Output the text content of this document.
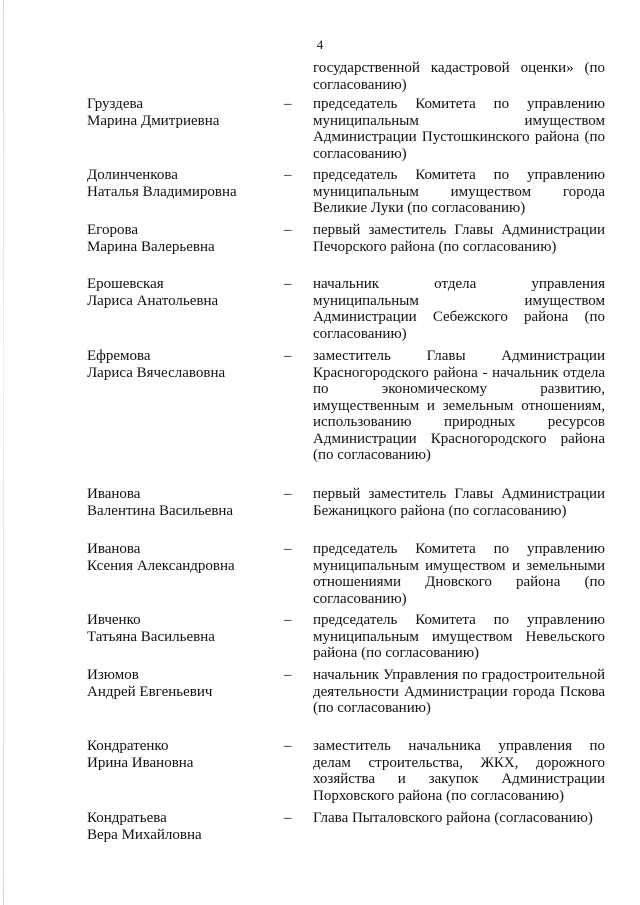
4
государственной кадастровой оценки» (по согласованию)
Груздева
Марина Дмитриевна
– председатель Комитета по управлению муниципальным имуществом Администрации Пустошкинского района (по согласованию)
Долинченкова
Наталья Владимировна
– председатель Комитета по управлению муниципальным имуществом города Великие Луки (по согласованию)
Егорова
Марина Валерьевна
– первый заместитель Главы Администрации Печорского района (по согласованию)
Ерошевская
Лариса Анатольевна
– начальник отдела управления муниципальным имуществом Администрации Себежского района (по согласованию)
Ефремова
Лариса Вячеславовна
– заместитель Главы Администрации Красногородского района - начальник отдела по экономическому развитию, имущественным и земельным отношениям, использованию природных ресурсов Администрации Красногородского района (по согласованию)
Иванова
Валентина Васильевна
– первый заместитель Главы Администрации Бежаницкого района (по согласованию)
Иванова
Ксения Александровна
– председатель Комитета по управлению муниципальным имуществом и земельными отношениями Дновского района (по согласованию)
Ивченко
Татьяна Васильевна
– председатель Комитета по управлению муниципальным имуществом Невельского района (по согласованию)
Изюмов
Андрей Евгеньевич
– начальник Управления по градостроительной деятельности Администрации города Пскова (по согласованию)
Кондратенко
Ирина Ивановна
– заместитель начальника управления по делам строительства, ЖКХ, дорожного хозяйства и закупок Администрации Порховского района (по согласованию)
Кондратьева
Вера Михайловна
– Глава Пыталовского района (согласованию)
